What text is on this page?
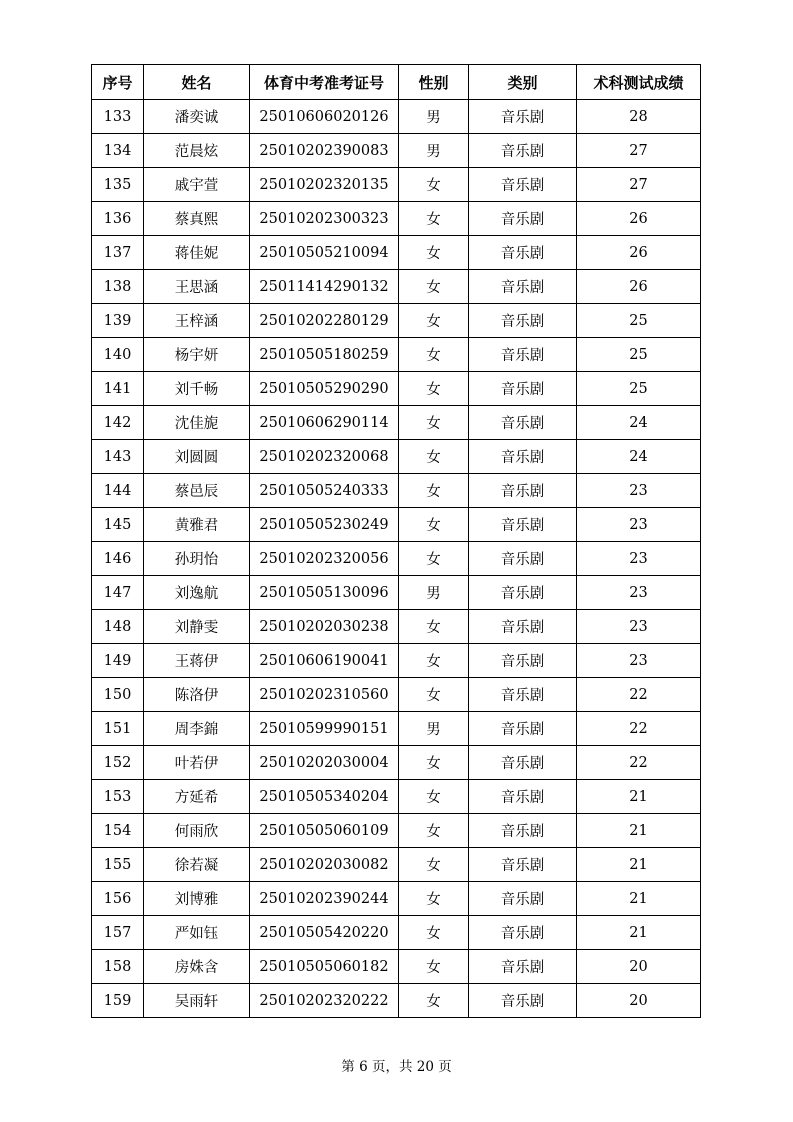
序号	姓名	体育中考准考证号	性别	类别	术科测试成绩
133	潘奕诚	25010606020126	男	音乐剧	28
134	范晨炫	25010202390083	男	音乐剧	27
135	戚宇萱	25010202320135	女	音乐剧	27
136	蔡真熙	25010202300323	女	音乐剧	26
137	蒋佳妮	25010505210094	女	音乐剧	26
138	王思涵	25011414290132	女	音乐剧	26
139	王梓涵	25010202280129	女	音乐剧	25
140	杨宇妍	25010505180259	女	音乐剧	25
141	刘千畅	25010505290290	女	音乐剧	25
142	沈佳旎	25010606290114	女	音乐剧	24
143	刘圆圆	25010202320068	女	音乐剧	24
144	蔡邑辰	25010505240333	女	音乐剧	23
145	黄雅君	25010505230249	女	音乐剧	23
146	孙玥怡	25010202320056	女	音乐剧	23
147	刘逸航	25010505130096	男	音乐剧	23
148	刘静雯	25010202030238	女	音乐剧	23
149	王蒋伊	25010606190041	女	音乐剧	23
150	陈洛伊	25010202310560	女	音乐剧	22
151	周李錦	25010599990151	男	音乐剧	22
152	叶若伊	25010202030004	女	音乐剧	22
153	方延希	25010505340204	女	音乐剧	21
154	何雨欣	25010505060109	女	音乐剧	21
155	徐若凝	25010202030082	女	音乐剧	21
156	刘博雅	25010202390244	女	音乐剧	21
157	严如钰	25010505420220	女	音乐剧	21
158	房姝含	25010505060182	女	音乐剧	20
159	吴雨轩	25010202320222	女	音乐剧	20
第 6 页，共 20 页
